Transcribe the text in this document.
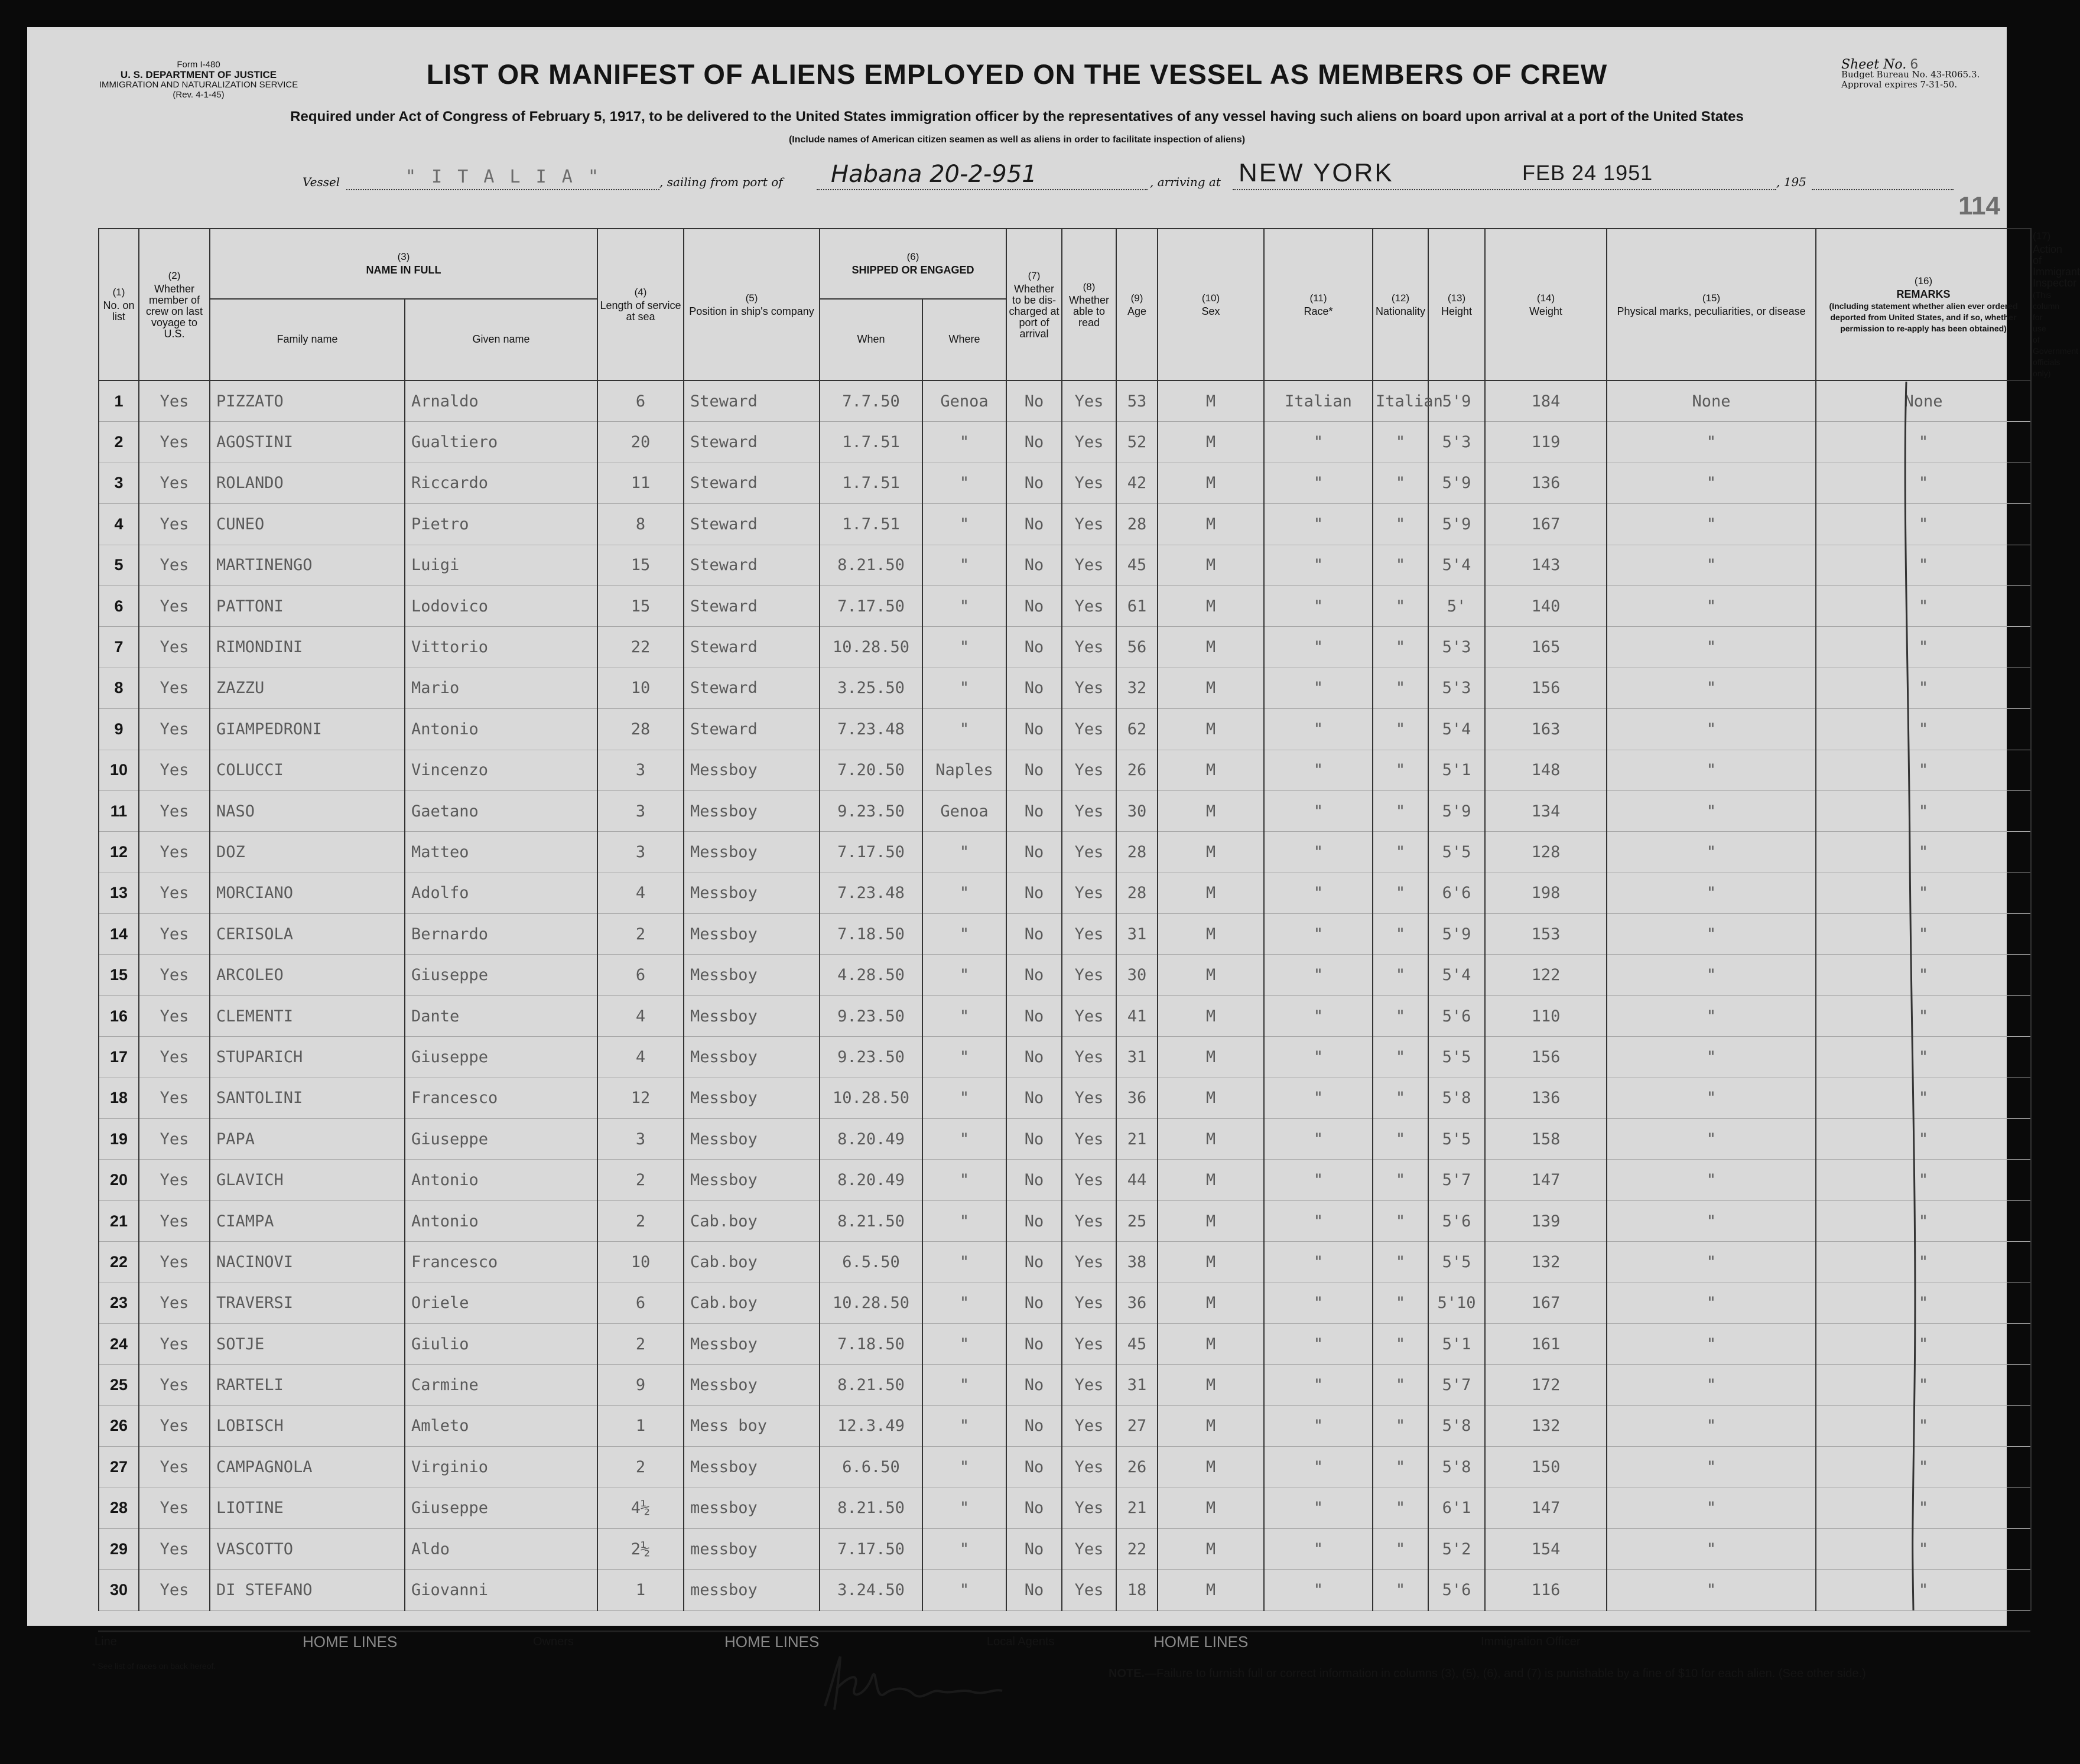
Form I-480
U. S. DEPARTMENT OF JUSTICE
IMMIGRATION AND NATURALIZATION SERVICE
(Rev. 4-1-45)
Sheet No. 6
Budget Bureau No. 43-R065.3.
Approval expires 7-31-50.
LIST OR MANIFEST OF ALIENS EMPLOYED ON THE VESSEL AS MEMBERS OF CREW
Required under Act of Congress of February 5, 1917, to be delivered to the United States immigration officer by the representatives of any vessel having such aliens on board upon arrival at a port of the United States
(Include names of American citizen seamen as well as aliens in order to facilitate inspection of aliens)
Vessel	" I T A L I A "	, sailing from port of Habana 20-2-951	, arriving at NEW YORK	FEB 24 1951	, 195
114
(1)
No. on list	(2)
Whether member of crew on last voyage to U.S.	(3)
NAME IN FULL		(4)
Length of service at sea	(5)
Position in ship's company	(6)
SHIPPED OR ENGAGED		(7)
Whether to be dis-charged at port of arrival	(8)
Whether able to read	(9)
Age	(10)
Sex	(11)
Race*	(12)
Nationality	(13)
Height	(14)
Weight	(15)
Physical marks, peculiarities, or disease	(16)
REMARKS
(Including statement whether alien ever ordered deported from United States, and if so, whether permission to re-apply has been obtained)	(17)
Action of Immigrant Inspector
(This column for use of Government officials only)
		Family name	Given name			When	Where											
1	Yes	PIZZATO	Arnaldo	6	Steward	7.7.50	Genoa	No	Yes	53	M	Italian	Italian	5'9	184	None	None	
2	Yes	AGOSTINI	Gualtiero	20	Steward	1.7.51	"	No	Yes	52	M	"	"	5'3	119	"	"	
3	Yes	ROLANDO	Riccardo	11	Steward	1.7.51	"	No	Yes	42	M	"	"	5'9	136	"	"	
4	Yes	CUNEO	Pietro	8	Steward	1.7.51	"	No	Yes	28	M	"	"	5'9	167	"	"	
5	Yes	MARTINENGO	Luigi	15	Steward	8.21.50	"	No	Yes	45	M	"	"	5'4	143	"	"	
6	Yes	PATTONI	Lodovico	15	Steward	7.17.50	"	No	Yes	61	M	"	"	5'	140	"	"	
7	Yes	RIMONDINI	Vittorio	22	Steward	10.28.50	"	No	Yes	56	M	"	"	5'3	165	"	"	
8	Yes	ZAZZU	Mario	10	Steward	3.25.50	"	No	Yes	32	M	"	"	5'3	156	"	"	
9	Yes	GIAMPEDRONI	Antonio	28	Steward	7.23.48	"	No	Yes	62	M	"	"	5'4	163	"	"	
10	Yes	COLUCCI	Vincenzo	3	Messboy	7.20.50	Naples	No	Yes	26	M	"	"	5'1	148	"	"	
11	Yes	NASO	Gaetano	3	Messboy	9.23.50	Genoa	No	Yes	30	M	"	"	5'9	134	"	"	
12	Yes	DOZ	Matteo	3	Messboy	7.17.50	"	No	Yes	28	M	"	"	5'5	128	"	"	
13	Yes	MORCIANO	Adolfo	4	Messboy	7.23.48	"	No	Yes	28	M	"	"	6'6	198	"	"	
14	Yes	CERISOLA	Bernardo	2	Messboy	7.18.50	"	No	Yes	31	M	"	"	5'9	153	"	"	
15	Yes	ARCOLEO	Giuseppe	6	Messboy	4.28.50	"	No	Yes	30	M	"	"	5'4	122	"	"	
16	Yes	CLEMENTI	Dante	4	Messboy	9.23.50	"	No	Yes	41	M	"	"	5'6	110	"	"	
17	Yes	STUPARICH	Giuseppe	4	Messboy	9.23.50	"	No	Yes	31	M	"	"	5'5	156	"	"	
18	Yes	SANTOLINI	Francesco	12	Messboy	10.28.50	"	No	Yes	36	M	"	"	5'8	136	"	"	
19	Yes	PAPA	Giuseppe	3	Messboy	8.20.49	"	No	Yes	21	M	"	"	5'5	158	"	"	
20	Yes	GLAVICH	Antonio	2	Messboy	8.20.49	"	No	Yes	44	M	"	"	5'7	147	"	"	
21	Yes	CIAMPA	Antonio	2	Cab.boy	8.21.50	"	No	Yes	25	M	"	"	5'6	139	"	"	
22	Yes	NACINOVI	Francesco	10	Cab.boy	6.5.50	"	No	Yes	38	M	"	"	5'5	132	"	"	
23	Yes	TRAVERSI	Oriele	6	Cab.boy	10.28.50	"	No	Yes	36	M	"	"	5'10	167	"	"	
24	Yes	SOTJE	Giulio	2	Messboy	7.18.50	"	No	Yes	45	M	"	"	5'1	161	"	"	
25	Yes	RARTELI	Carmine	9	Messboy	8.21.50	"	No	Yes	31	M	"	"	5'7	172	"	"	
26	Yes	LOBISCH	Amleto	1	Mess boy	12.3.49	"	No	Yes	27	M	"	"	5'8	132	"	"	
27	Yes	CAMPAGNOLA	Virginio	2	Messboy	6.6.50	"	No	Yes	26	M	"	"	5'8	150	"	"	
28	Yes	LIOTINE	Giuseppe	4½	messboy	8.21.50	"	No	Yes	21	M	"	"	6'1	147	"	"	
29	Yes	VASCOTTO	Aldo	2½	messboy	7.17.50	"	No	Yes	22	M	"	"	5'2	154	"	"	
30	Yes	DI STEFANO	Giovanni	1	messboy	3.24.50	"	No	Yes	18	M	"	"	5'6	116	"	"	
Line	HOME LINES	Owners	HOME LINES	Local Agents	HOME LINES	Immigration Officer
* See list of races on back hereof.
NOTE.—Failure to furnish full or correct information in columns (3), (5), (6), and (7) is punishable by a fine of $10 for each alien. (See other side.)
